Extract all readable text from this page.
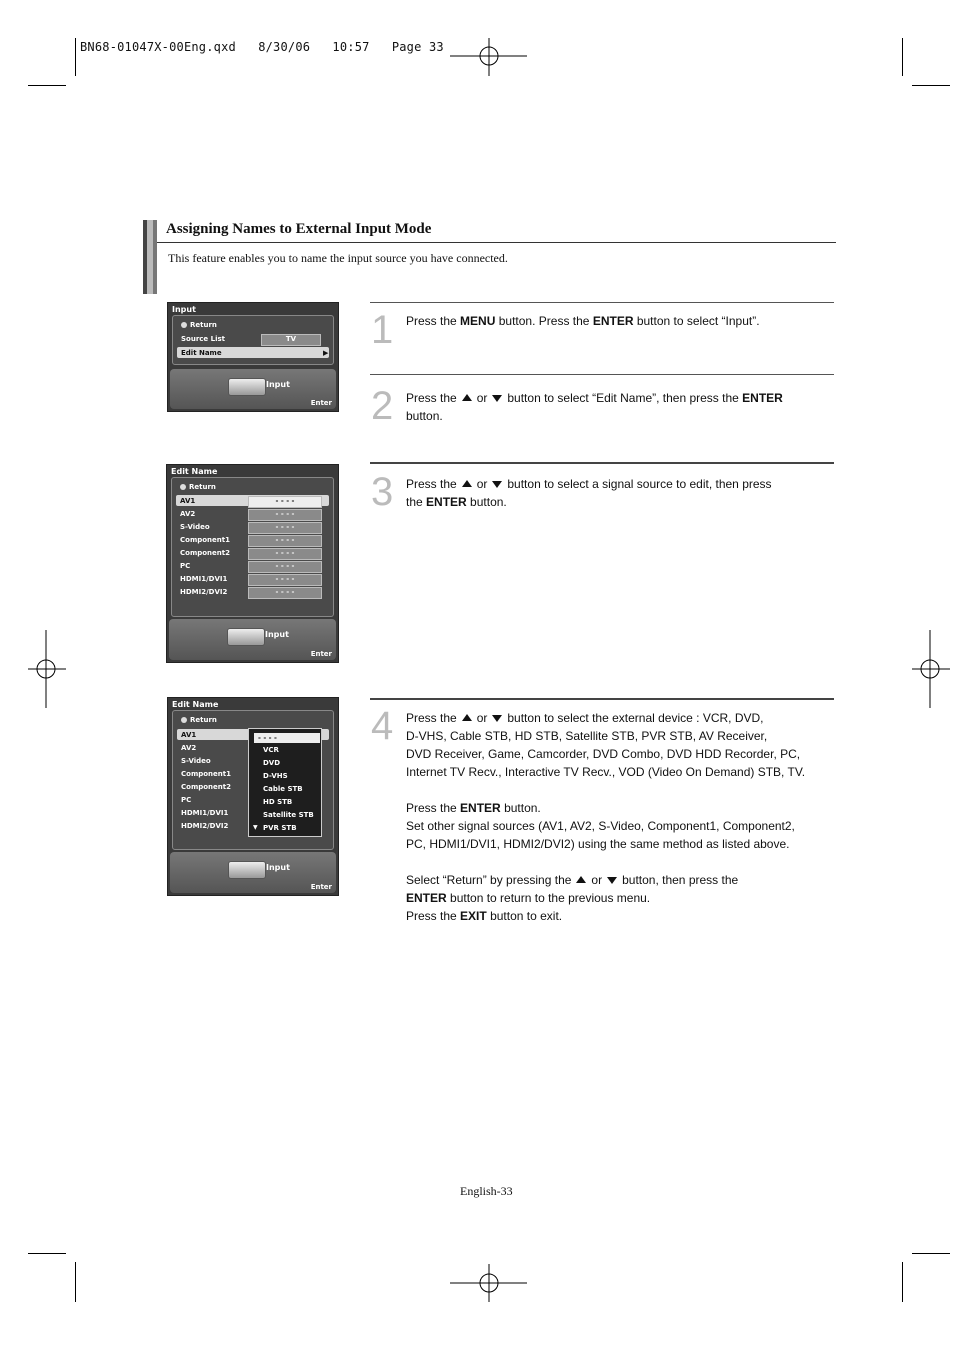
BN68-01047X-00Eng.qxd   8/30/06   10:57   Page 33
Assigning Names to External Input Mode
This feature enables you to name the input source you have connected.
Input
Return
Source List	TV
Edit Name	▶
Input
Enter
1 Press the MENU button. Press the ENTER button to select “Input”.
2 Press the or button to select “Edit Name”, then press the ENTER
button.
Edit Name
Return
AV1	- - - -
AV2	- - - -
S-Video	- - - -
Component1	- - - -
Component2	- - - -
PC	- - - -
HDMI1/DVI1	- - - -
HDMI2/DVI2	- - - -
Input
Enter
3 Press the or button to select a signal source to edit, then press
the ENTER button.
Edit Name
Return
AV1
AV2
S-Video
Component1
Component2
PC
HDMI1/DVI1
HDMI2/DVI2
- - - -
VCR
DVD
D-VHS
Cable STB
HD STB
Satellite STB
▼ PVR STB
Input
Enter
4 Press the or button to select the external device : VCR, DVD,
D-VHS, Cable STB, HD STB, Satellite STB, PVR STB, AV Receiver,
DVD Receiver, Game, Camcorder, DVD Combo, DVD HDD Recorder, PC,
Internet TV Recv., Interactive TV Recv., VOD (Video On Demand) STB, TV.

Press the ENTER button.
Set other signal sources (AV1, AV2, S-Video, Component1, Component2,
PC, HDMI1/DVI1, HDMI2/DVI2) using the same method as listed above.

Select “Return” by pressing the or button, then press the
ENTER button to return to the previous menu.
Press the EXIT button to exit.
English-33
